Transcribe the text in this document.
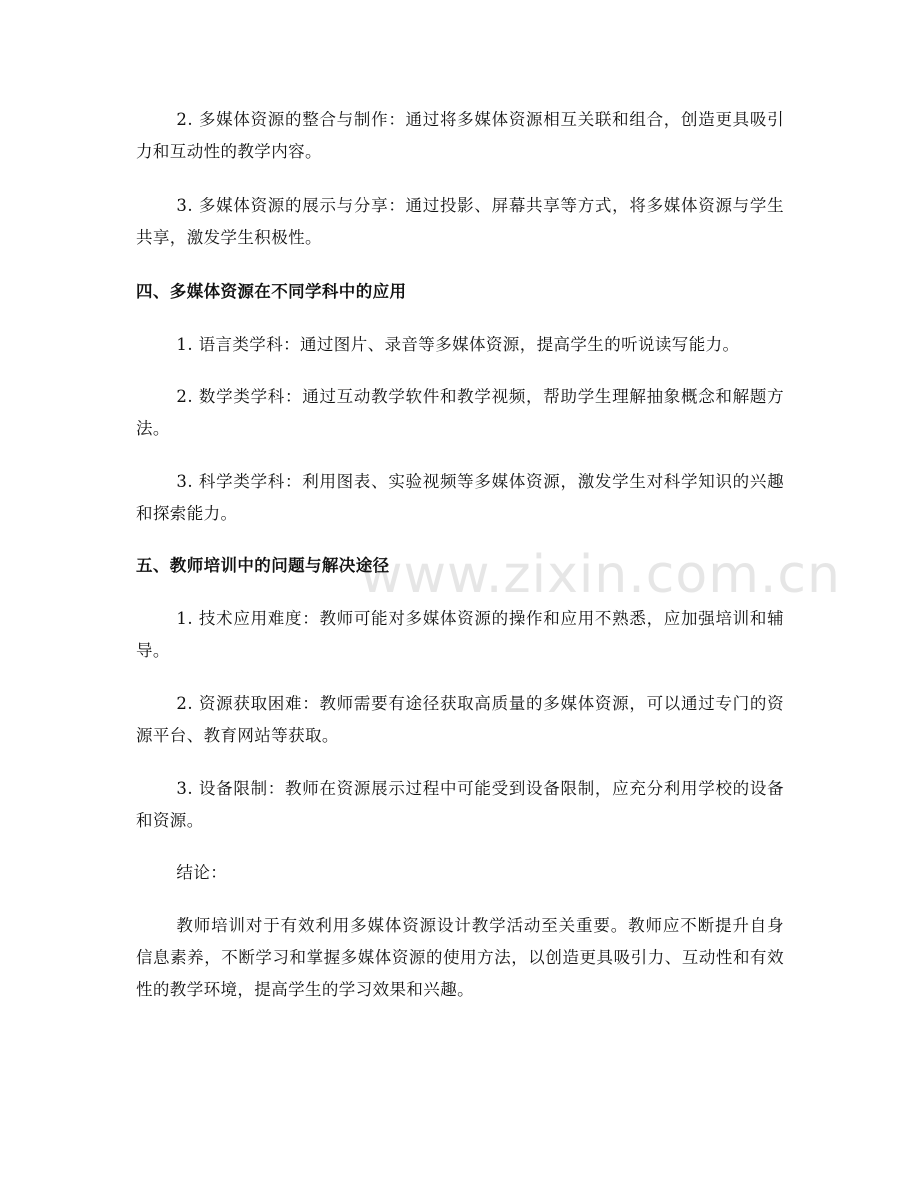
www.zixin.com.cn

2. 多媒体资源的整合与制作：通过将多媒体资源相互关联和组合，创造更具吸引力和互动性的教学内容。

3. 多媒体资源的展示与分享：通过投影、屏幕共享等方式，将多媒体资源与学生共享，激发学生积极性。

四、多媒体资源在不同学科中的应用

1. 语言类学科：通过图片、录音等多媒体资源，提高学生的听说读写能力。

2. 数学类学科：通过互动教学软件和教学视频，帮助学生理解抽象概念和解题方法。

3. 科学类学科：利用图表、实验视频等多媒体资源，激发学生对科学知识的兴趣和探索能力。

五、教师培训中的问题与解决途径

1. 技术应用难度：教师可能对多媒体资源的操作和应用不熟悉，应加强培训和辅导。

2. 资源获取困难：教师需要有途径获取高质量的多媒体资源，可以通过专门的资源平台、教育网站等获取。

3. 设备限制：教师在资源展示过程中可能受到设备限制，应充分利用学校的设备和资源。

结论：

教师培训对于有效利用多媒体资源设计教学活动至关重要。教师应不断提升自身信息素养，不断学习和掌握多媒体资源的使用方法，以创造更具吸引力、互动性和有效性的教学环境，提高学生的学习效果和兴趣。
